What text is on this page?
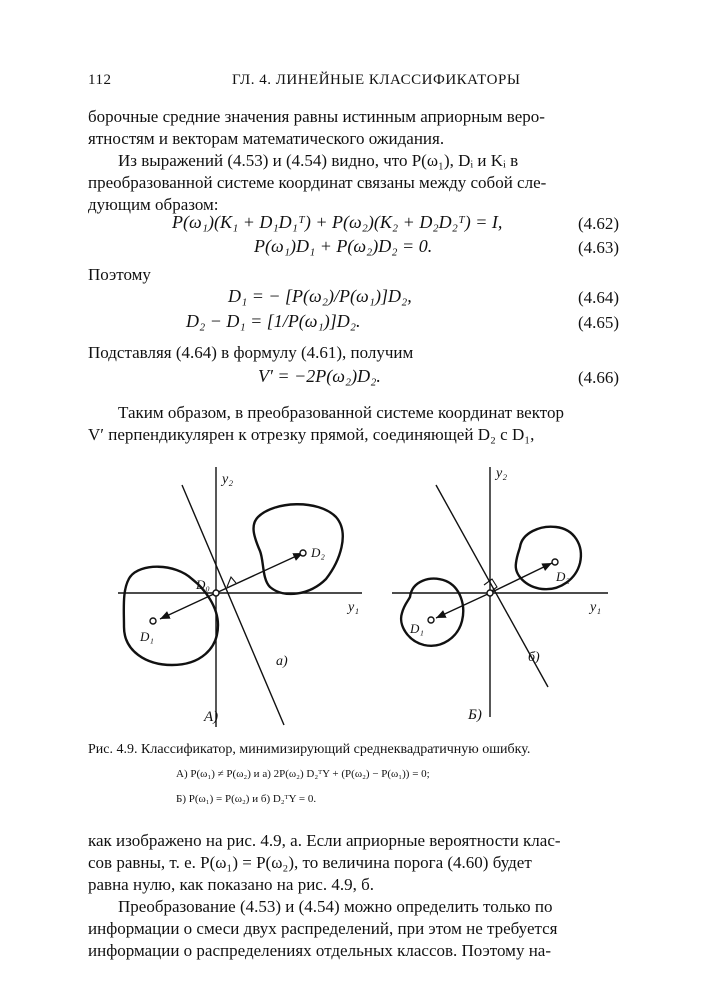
112	ГЛ. 4. ЛИНЕЙНЫЕ КЛАССИФИКАТОРЫ
борочные средние значения равны истинным априорным веро-
ятностям и векторам математического ожидания.
Из выражений (4.53) и (4.54) видно, что P(ω₁), Dᵢ и Kᵢ в
преобразованной системе координат связаны между собой сле-
дующим образом:
P(ω₁)(K₁ + D₁D₁ᵀ) + P(ω₂)(K₂ + D₂D₂ᵀ) = I,	(4.62)
P(ω₁)D₁ + P(ω₂)D₂ = 0.	(4.63)
Поэтому
D₁ = − [P(ω₂)/P(ω₁)]D₂,	(4.64)
D₂ − D₁ = [1/P(ω₁)]D₂.	(4.65)
Подставляя (4.64) в формулу (4.61), получим
V′ = −2P(ω₂)D₂.	(4.66)
Таким образом, в преобразованной системе координат вектор
V′ перпендикулярен к отрезку прямой, соединяющей D₂ с D₁,
y₂
y₁
D₀
D₂
D₁
а)
А)
y₂
y₁
D₂
D₁
б)
Б)
Рис. 4.9. Классификатор, минимизирующий среднеквадратичную ошибку.
А) P(ω₁) ≠ P(ω₂) и а) 2P(ω₂) D₂ᵀY + (P(ω₂) − P(ω₁)) = 0;
Б) P(ω₁) = P(ω₂) и б) D₂ᵀY = 0.
как изображено на рис. 4.9, а. Если априорные вероятности клас-
сов равны, т. е. P(ω₁) = P(ω₂), то величина порога (4.60) будет
равна нулю, как показано на рис. 4.9, б.
Преобразование (4.53) и (4.54) можно определить только по
информации о смеси двух распределений, при этом не требуется
информации о распределениях отдельных классов. Поэтому на-
